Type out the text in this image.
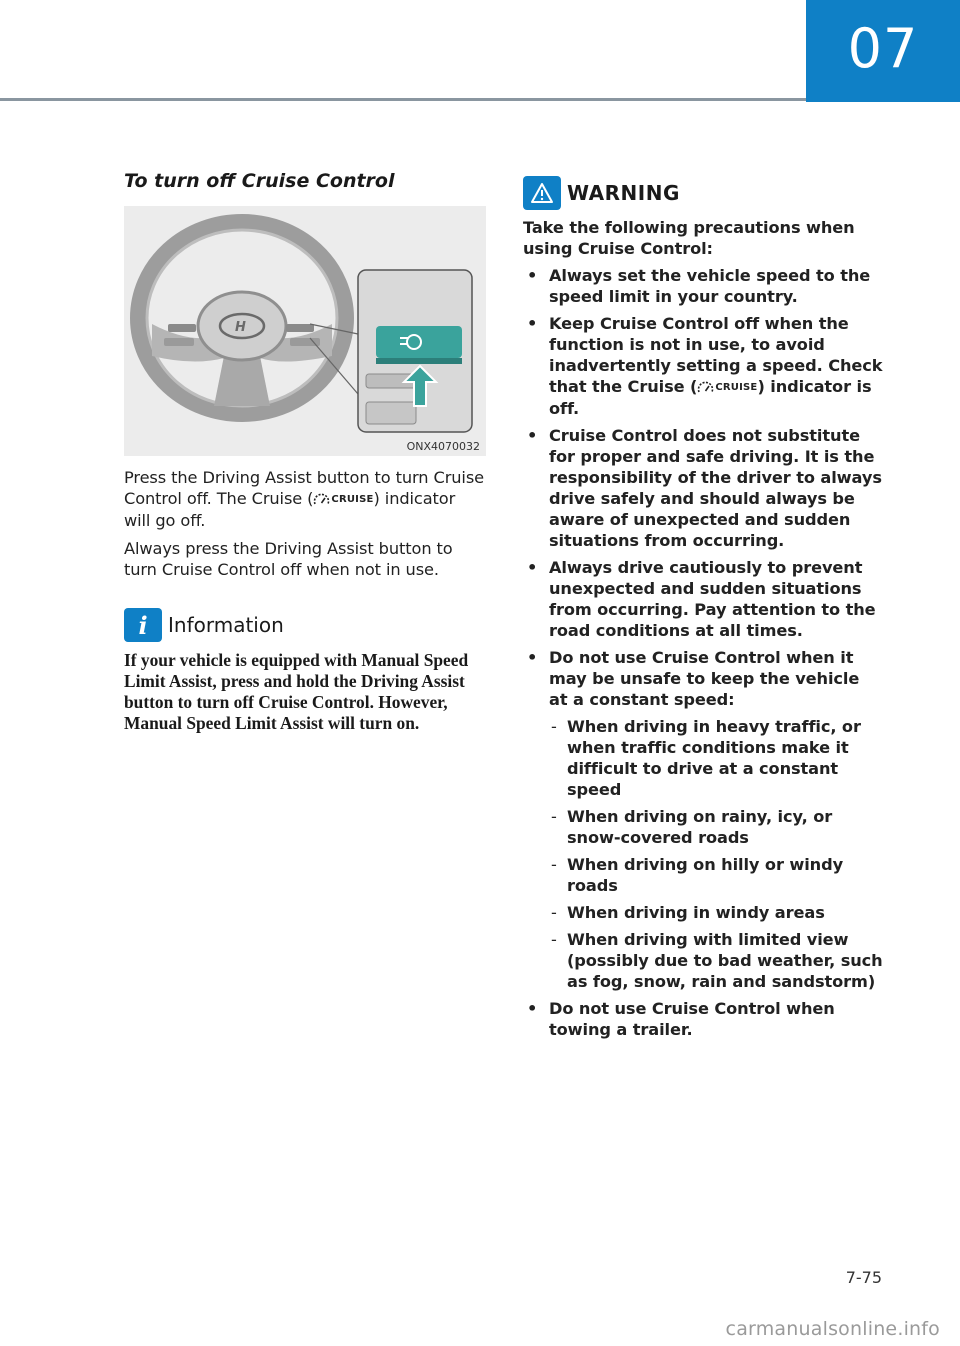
07
To turn off Cruise Control
H
ONX4070032

Press the Driving Assist button to turn Cruise Control off. The Cruise ( CRUISE ) indicator will go off.

Always press the Driving Assist button to turn Cruise Control off when not in use.

i Information

If your vehicle is equipped with Manual Speed Limit Assist, press and hold the Driving Assist button to turn off Cruise Control. However, Manual Speed Limit Assist will turn on.

WARNING

Take the following precautions when using Cruise Control:

• Always set the vehicle speed to the speed limit in your country.
• Keep Cruise Control off when the function is not in use, to avoid inadvertently setting a speed. Check that the Cruise ( CRUISE ) indicator is off.
• Cruise Control does not substitute for proper and safe driving. It is the responsibility of the driver to always drive safely and should always be aware of unexpected and sudden situations from occurring.
• Always drive cautiously to prevent unexpected and sudden situations from occurring. Pay attention to the road conditions at all times.
• Do not use Cruise Control when it may be unsafe to keep the vehicle at a constant speed:
- When driving in heavy traffic, or when traffic conditions make it difficult to drive at a constant speed
- When driving on rainy, icy, or snow-covered roads
- When driving on hilly or windy roads
- When driving in windy areas
- When driving with limited view (possibly due to bad weather, such as fog, snow, rain and sandstorm)
• Do not use Cruise Control when towing a trailer.
7-75
carmanualsonline.info
